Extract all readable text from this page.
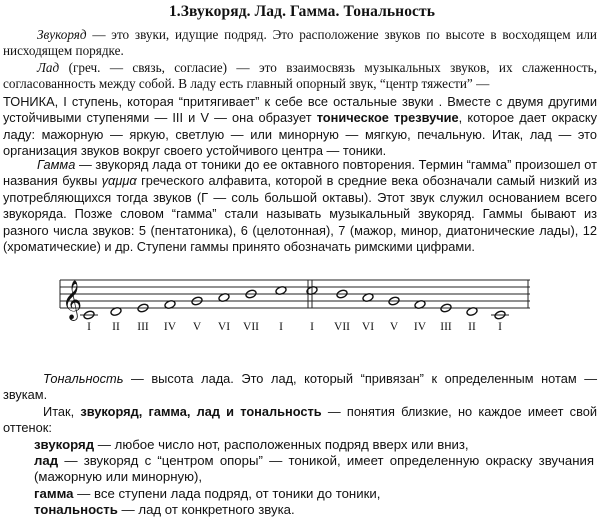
1.Звукоряд. Лад. Гамма. Тональность
Звукоряд — это звуки, идущие подряд. Это расположение звуков по высоте в восходящем или нисходящем порядке.
Лад (греч. — связь, согласие) — это взаимосвязь музыкальных звуков, их слаженность, согласованность между собой. В ладу есть главный опорный звук, “центр тяжести” —
ТОНИКА, I ступень, которая “притягивает” к себе все остальные звуки . Вместе с двумя другими устойчивыми ступенями — III и V — она образует тоническое трезвучие, которое дает окраску ладу: мажорную — яркую, светлую — или минорную — мягкую, печальную. Итак, лад — это организация звуков вокруг своего устойчивого центра — тоники.
Гамма — звукоряд лада от тоники до ее октавного повторения. Термин “гамма” произошел от названия буквы γαμμα греческого алфавита, которой в средние века обозначали самый низкий из употребляющихся тогда звуков (Г — соль большой октавы). Этот звук служил основанием всего звукоряда. Позже словом “гамма” стали называть музыкальный звукоряд. Гаммы бывают из разного числа звуков: 5 (пентатоника), 6 (целотонная), 7 (мажор, минор, диатонические лады), 12 (хроматические) и др. Ступени гаммы принято обозначать римскими цифрами.
𝄞
I II III IV V VI VII I I VII VI V IV III II I
Тональность — высота лада. Это лад, который “привязан” к определенным нотам — звукам.
Итак, звукоряд, гамма, лад и тональность — понятия близкие, но каждое имеет свой оттенок:
звукоряд — любое число нот, расположенных подряд вверх или вниз,
лад — звукоряд с “центром опоры” — тоникой, имеет определенную окраску звучания (мажорную или минорную),
гамма — все ступени лада подряд, от тоники до тоники,
тональность — лад от конкретного звука.
